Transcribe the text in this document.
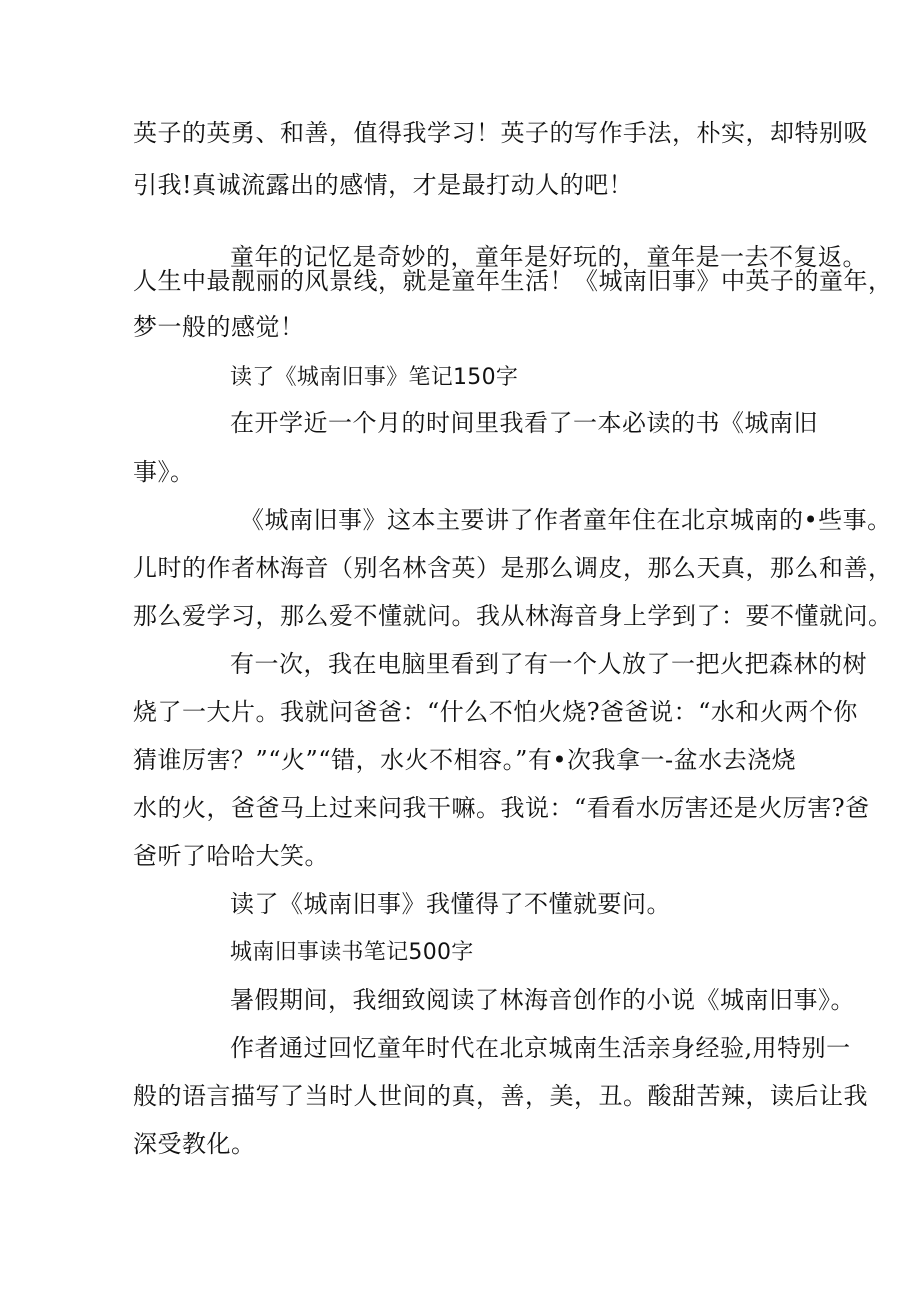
英子的英勇、和善，值得我学习！英子的写作手法，朴实，却特别吸
引我!真诚流露出的感情，才是最打动人的吧！
童年的记忆是奇妙的，童年是好玩的，童年是一去不复返。
人生中最靓丽的风景线，就是童年生活！《城南旧事》中英子的童年，
梦一般的感觉！
读了《城南旧事》笔记150字
在开学近一个月的时间里我看了一本必读的书《城南旧
事》。
《城南旧事》这本主要讲了作者童年住在北京城南的•些事。
儿时的作者林海音（别名林含英）是那么调皮，那么天真，那么和善，
那么爱学习，那么爱不懂就问。我从林海音身上学到了：要不懂就问。
有一次，我在电脑里看到了有一个人放了一把火把森林的树
烧了一大片。我就问爸爸：“什么不怕火烧?爸爸说：“水和火两个你
猜谁厉害？”“火”“错，水火不相容。”有•次我拿一-盆水去浇烧
水的火，爸爸马上过来问我干嘛。我说：“看看水厉害还是火厉害?爸
爸听了哈哈大笑。
读了《城南旧事》我懂得了不懂就要问。
城南旧事读书笔记500字
暑假期间，我细致阅读了林海音创作的小说《城南旧事》。
作者通过回忆童年时代在北京城南生活亲身经验,用特别一
般的语言描写了当时人世间的真，善，美，丑。酸甜苦辣，读后让我
深受教化。
